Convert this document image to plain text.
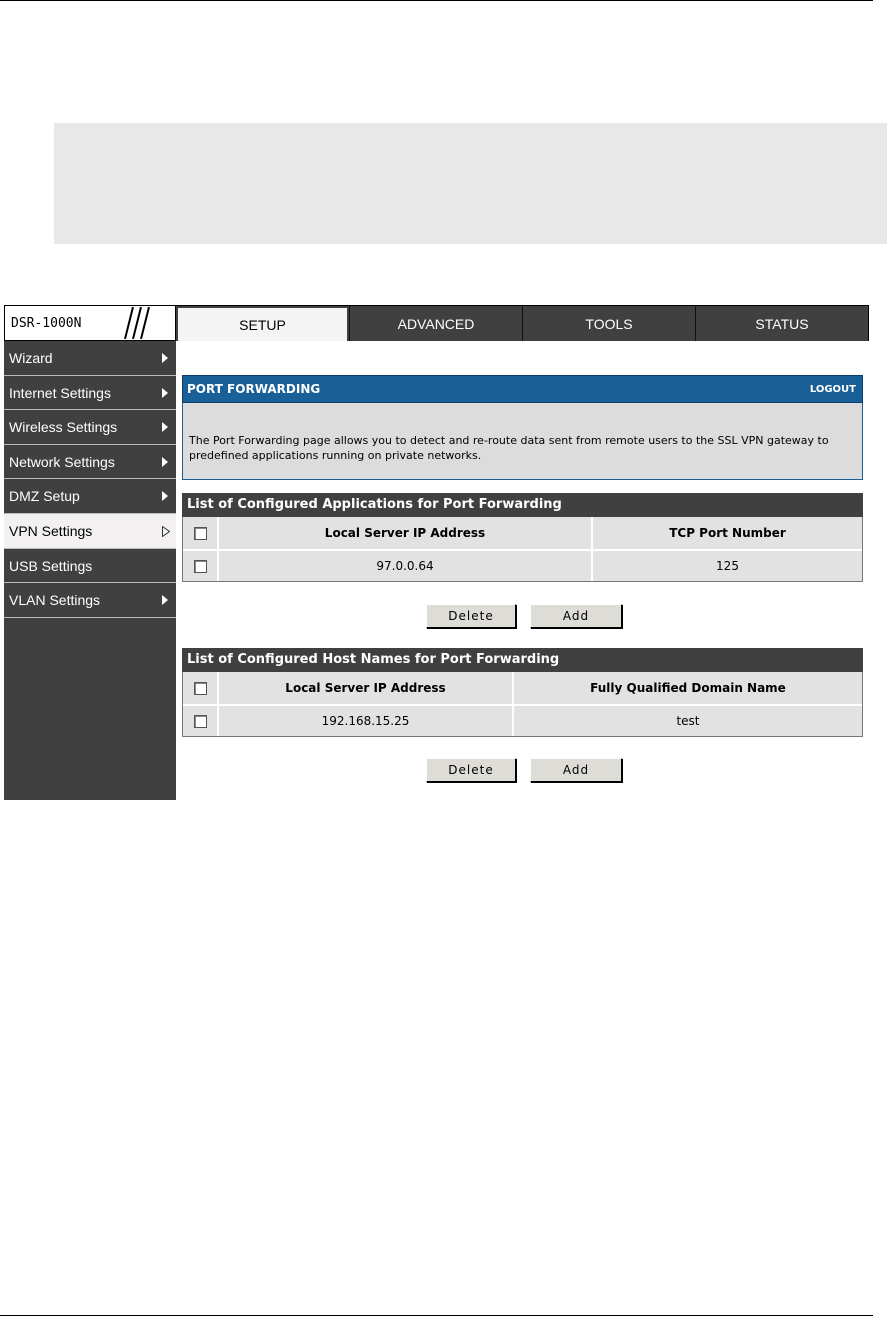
DSR-1000N	SETUP	ADVANCED	TOOLS	STATUS
Wizard
Internet Settings
Wireless Settings
Network Settings
DMZ Setup
VPN Settings
USB Settings
VLAN Settings
PORT FORWARDING	LOGOUT
The Port Forwarding page allows you to detect and re-route data sent from remote users to the SSL VPN gateway to predefined applications running on private networks.
List of Configured Applications for Port Forwarding
Local Server IP Address	TCP Port Number
97.0.0.64	125
Delete	Add
List of Configured Host Names for Port Forwarding
Local Server IP Address	Fully Qualified Domain Name
192.168.15.25	test
Delete	Add
